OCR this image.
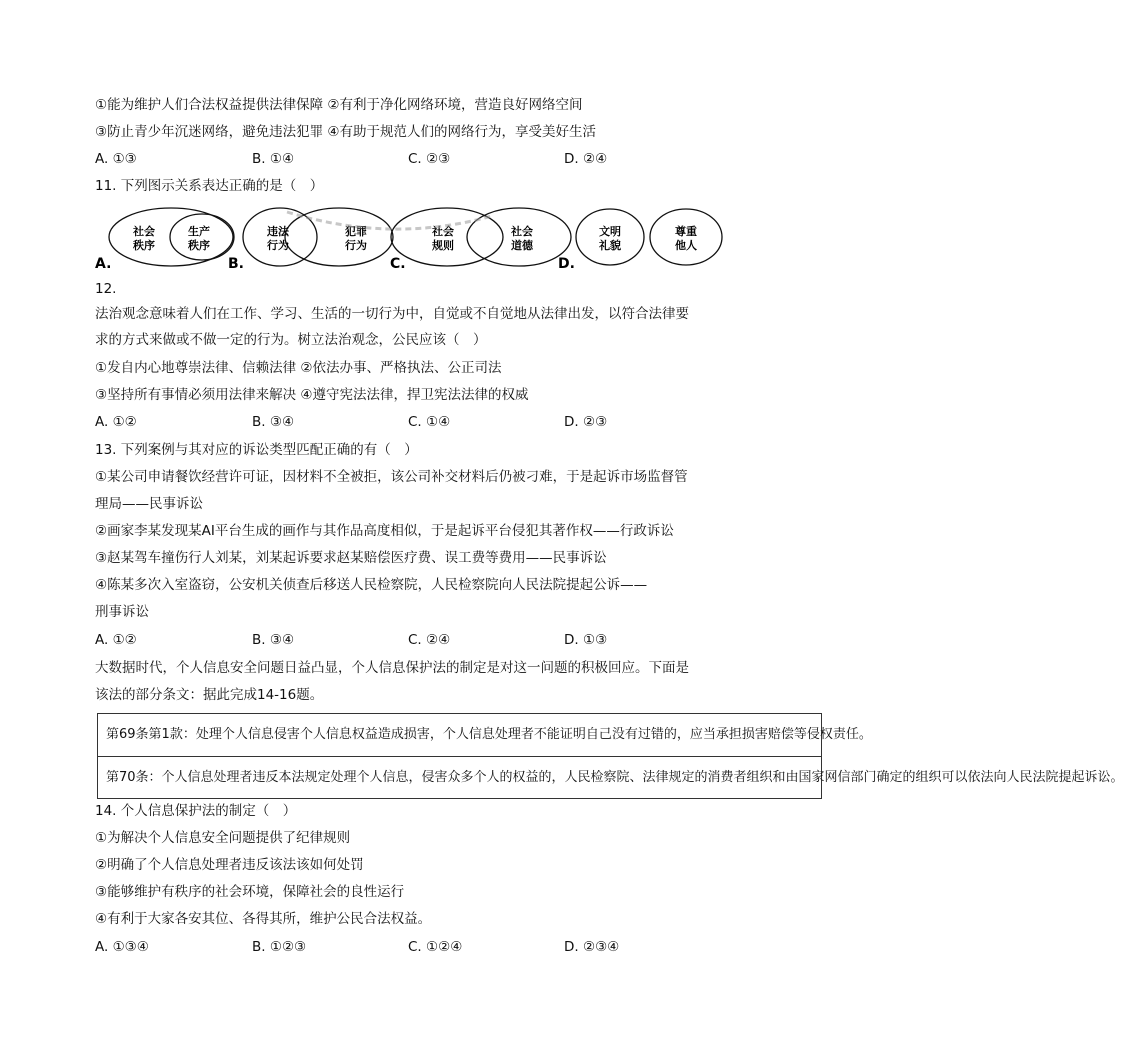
①能为维护人们合法权益提供法律保障 ②有利于净化网络环境，营造良好网络空间
③防止青少年沉迷网络，避免违法犯罪 ④有助于规范人们的网络行为，享受美好生活
A. ①③	B. ①④	C. ②③	D. ②④
11. 下列图示关系表达正确的是（　）
社会
秩序
生产
秩序
A.
违法
行为
犯罪
行为
B.
社会
规则
社会
道德
C.
文明
礼貌
尊重
他人
D.
12.
法治观念意味着人们在工作、学习、生活的一切行为中，自觉或不自觉地从法律出发，以符合法律要
求的方式来做或不做一定的行为。树立法治观念，公民应该（　）
①发自内心地尊崇法律、信赖法律 ②依法办事、严格执法、公正司法
③坚持所有事情必须用法律来解决 ④遵守宪法法律，捍卫宪法法律的权威
A. ①②	B. ③④	C. ①④	D. ②③
13. 下列案例与其对应的诉讼类型匹配正确的有（　）
①某公司申请餐饮经营许可证，因材料不全被拒，该公司补交材料后仍被刁难，于是起诉市场监督管
理局——民事诉讼
②画家李某发现某AI平台生成的画作与其作品高度相似，于是起诉平台侵犯其著作权——行政诉讼
③赵某驾车撞伤行人刘某，刘某起诉要求赵某赔偿医疗费、误工费等费用——民事诉讼
④陈某多次入室盗窃，公安机关侦查后移送人民检察院，人民检察院向人民法院提起公诉——
刑事诉讼
A. ①②	B. ③④	C. ②④	D. ①③
大数据时代，个人信息安全问题日益凸显，个人信息保护法的制定是对这一问题的积极回应。下面是
该法的部分条文：据此完成14-16题。
第69条第1款：处理个人信息侵害个人信息权益造成损害，个人信息处理者不能证明自己没有过错的，应当承担损害赔偿等侵权责任。
第70条：个人信息处理者违反本法规定处理个人信息，侵害众多个人的权益的，人民检察院、法律规定的消费者组织和由国家网信部门确定的组织可以依法向人民法院提起诉讼。
14. 个人信息保护法的制定（　）
①为解决个人信息安全问题提供了纪律规则
②明确了个人信息处理者违反该法该如何处罚
③能够维护有秩序的社会环境，保障社会的良性运行
④有利于大家各安其位、各得其所，维护公民合法权益。
A. ①③④	B. ①②③	C. ①②④	D. ②③④
